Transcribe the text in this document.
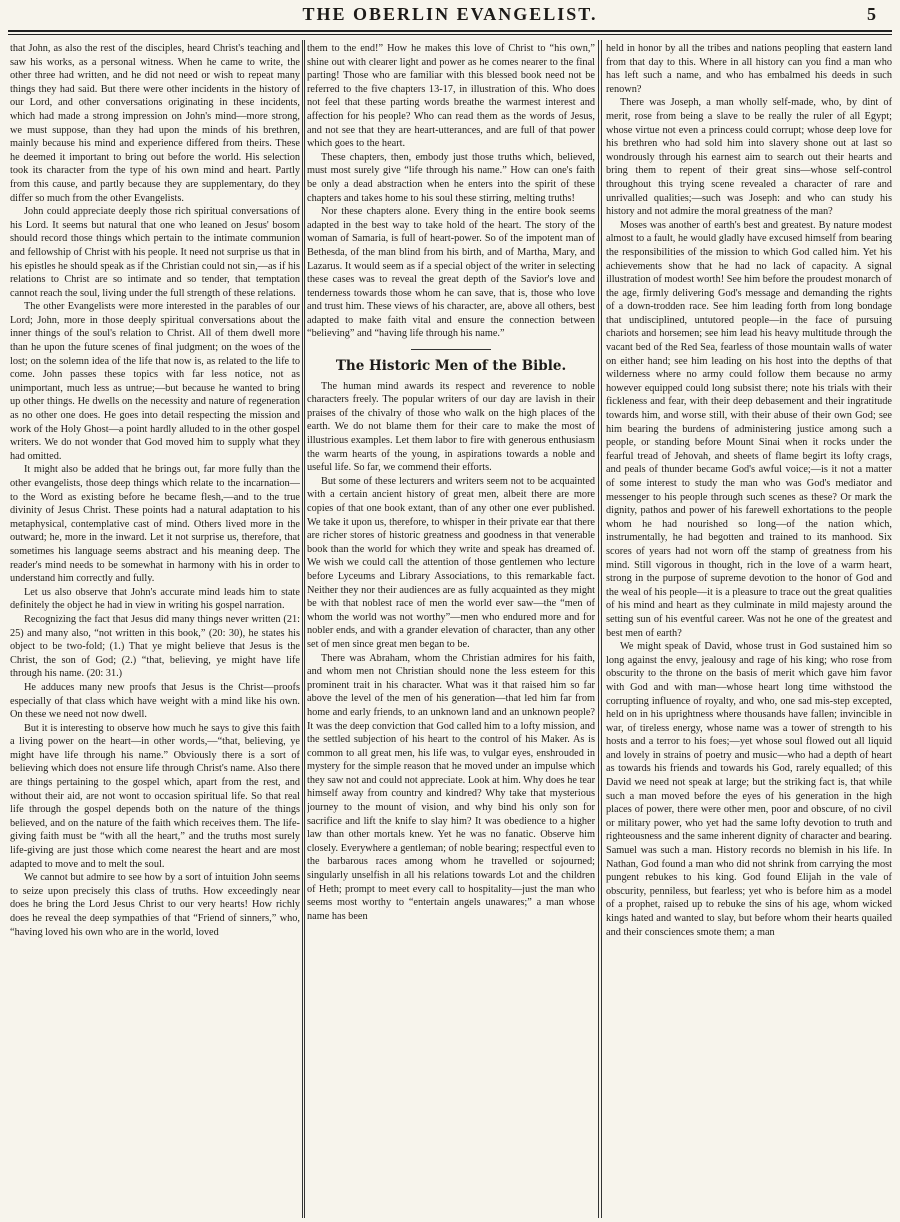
THE OBERLIN EVANGELIST.	5

that John, as also the rest of the disciples, heard Christ's teaching and saw his works, as a personal witness. When he came to write, the other three had written, and he did not need or wish to repeat many things they had said. But there were other incidents in the history of our Lord, and other conversations originating in these incidents, which had made a strong impression on John's mind—more strong, we must suppose, than they had upon the minds of his brethren, mainly because his mind and experience differed from theirs. These he deemed it important to bring out before the world. His selection took its character from the type of his own mind and heart. Partly from this cause, and partly because they are supplementary, do they differ so much from the other Evangelists.

John could appreciate deeply those rich spiritual conversations of his Lord. It seems but natural that one who leaned on Jesus' bosom should record those things which pertain to the intimate communion and fellowship of Christ with his people. It need not surprise us that in his epistles he should speak as if the Christian could not sin,—as if his relations to Christ are so intimate and so tender, that temptation cannot reach the soul, living under the full strength of these relations.

The other Evangelists were more interested in the parables of our Lord; John, more in those deeply spiritual conversations about the inner things of the soul's relation to Christ. All of them dwell more than he upon the future scenes of final judgment; on the woes of the lost; on the solemn idea of the life that now is, as related to the life to come. John passes these topics with far less notice, not as unimportant, much less as untrue;—but because he wanted to bring up other things. He dwells on the necessity and nature of regeneration as no other one does. He goes into detail respecting the mission and work of the Holy Ghost—a point hardly alluded to in the other gospel writers. We do not wonder that God moved him to supply what they had omitted.

It might also be added that he brings out, far more fully than the other evangelists, those deep things which relate to the incarnation—to the Word as existing before he became flesh,—and to the true divinity of Jesus Christ. These points had a natural adaptation to his metaphysical, contemplative cast of mind. Others lived more in the outward; he, more in the inward. Let it not surprise us, therefore, that sometimes his language seems abstract and his meaning deep. The reader's mind needs to be somewhat in harmony with his in order to understand him correctly and fully.

Let us also observe that John's accurate mind leads him to state definitely the object he had in view in writing his gospel narration.

Recognizing the fact that Jesus did many things never written (21: 25) and many also, “not written in this book,” (20: 30), he states his object to be two-fold; (1.) That ye might believe that Jesus is the Christ, the son of God; (2.) “that, believing, ye might have life through his name. (20: 31.)

He adduces many new proofs that Jesus is the Christ—proofs especially of that class which have weight with a mind like his own. On these we need not now dwell.

But it is interesting to observe how much he says to give this faith a living power on the heart—in other words,—“that, believing, ye might have life through his name.” Obviously there is a sort of believing which does not ensure life through Christ's name. Also there are things pertaining to the gospel which, apart from the rest, and without their aid, are not wont to occasion spiritual life. So that real life through the gospel depends both on the nature of the things believed, and on the nature of the faith which receives them. The life-giving faith must be “with all the heart,” and the truths most surely life-giving are just those which come nearest the heart and are most adapted to move and to melt the soul.

We cannot but admire to see how by a sort of intuition John seems to seize upon precisely this class of truths. How exceedingly near does he bring the Lord Jesus Christ to our very hearts! How richly does he reveal the deep sympathies of that “Friend of sinners,” who, “having loved his own who are in the world, loved

them to the end!” How he makes this love of Christ to “his own,” shine out with clearer light and power as he comes nearer to the final parting! Those who are familiar with this blessed book need not be referred to the five chapters 13-17, in illustration of this. Who does not feel that these parting words breathe the warmest interest and affection for his people? Who can read them as the words of Jesus, and not see that they are heart-utterances, and are full of that power which goes to the heart.

These chapters, then, embody just those truths which, believed, must most surely give “life through his name.” How can one's faith be only a dead abstraction when he enters into the spirit of these chapters and takes home to his soul these stirring, melting truths!

Nor these chapters alone. Every thing in the entire book seems adapted in the best way to take hold of the heart. The story of the woman of Samaria, is full of heart-power. So of the impotent man of Bethesda, of the man blind from his birth, and of Martha, Mary, and Lazarus. It would seem as if a special object of the writer in selecting these cases was to reveal the great depth of the Savior's love and tenderness towards those whom he can save, that is, those who love and trust him. These views of his character, are, above all others, best adapted to make faith vital and ensure the connection between “believing” and “having life through his name.”

The Historic Men of the Bible.

The human mind awards its respect and reverence to noble characters freely. The popular writers of our day are lavish in their praises of the chivalry of those who walk on the high places of the earth. We do not blame them for their care to make the most of illustrious examples. Let them labor to fire with generous enthusiasm the warm hearts of the young, in aspirations towards a noble and useful life. So far, we commend their efforts.

But some of these lecturers and writers seem not to be acquainted with a certain ancient history of great men, albeit there are more copies of that one book extant, than of any other one ever published. We take it upon us, therefore, to whisper in their private ear that there are richer stores of historic greatness and goodness in that venerable book than the world for which they write and speak has dreamed of. We wish we could call the attention of those gentlemen who lecture before Lyceums and Library Associations, to this remarkable fact. Neither they nor their audiences are as fully acquainted as they might be with that noblest race of men the world ever saw—the “men of whom the world was not worthy”—men who endured more and for nobler ends, and with a grander elevation of character, than any other set of men since great men began to be.

There was Abraham, whom the Christian admires for his faith, and whom men not Christian should none the less esteem for this prominent trait in his character. What was it that raised him so far above the level of the men of his generation—that led him far from home and early friends, to an unknown land and an unknown people? It was the deep conviction that God called him to a lofty mission, and the settled subjection of his heart to the control of his Maker. As is common to all great men, his life was, to vulgar eyes, enshrouded in mystery for the simple reason that he moved under an impulse which they saw not and could not appreciate. Look at him. Why does he tear himself away from country and kindred? Why take that mysterious journey to the mount of vision, and why bind his only son for sacrifice and lift the knife to slay him? It was obedience to a higher law than other mortals knew. Yet he was no fanatic. Observe him closely. Everywhere a gentleman; of noble bearing; respectful even to the barbarous races among whom he travelled or sojourned; singularly unselfish in all his relations towards Lot and the children of Heth; prompt to meet every call to hospitality—just the man who seems most worthy to “entertain angels unawares;” a man whose name has been

held in honor by all the tribes and nations peopling that eastern land from that day to this. Where in all history can you find a man who has left such a name, and who has embalmed his deeds in such renown?

There was Joseph, a man wholly self-made, who, by dint of merit, rose from being a slave to be really the ruler of all Egypt; whose virtue not even a princess could corrupt; whose deep love for his brethren who had sold him into slavery shone out at last so wondrously through his earnest aim to search out their hearts and bring them to repent of their great sins—whose self-control throughout this trying scene revealed a character of rare and unrivalled qualities;—such was Joseph: and who can study his history and not admire the moral greatness of the man?

Moses was another of earth's best and greatest. By nature modest almost to a fault, he would gladly have excused himself from bearing the responsibilities of the mission to which God called him. Yet his achievements show that he had no lack of capacity. A signal illustration of modest worth! See him before the proudest monarch of the age, firmly delivering God's message and demanding the rights of a down-trodden race. See him leading forth from long bondage that undisciplined, untutored people—in the face of pursuing chariots and horsemen; see him lead his heavy multitude through the vacant bed of the Red Sea, fearless of those mountain walls of water on either hand; see him leading on his host into the depths of that wilderness where no army could follow them because no army however equipped could long subsist there; note his trials with their fickleness and fear, with their deep debasement and their ingratitude towards him, and worse still, with their abuse of their own God; see him bearing the burdens of administering justice among such a people, or standing before Mount Sinai when it rocks under the fearful tread of Jehovah, and sheets of flame begirt its lofty crags, and peals of thunder became God's awful voice;—is it not a matter of some interest to study the man who was God's mediator and messenger to his people through such scenes as these? Or mark the dignity, pathos and power of his farewell exhortations to the people whom he had nourished so long—of the nation which, instrumentally, he had begotten and trained to its manhood. Six scores of years had not worn off the stamp of greatness from his mind. Still vigorous in thought, rich in the love of a warm heart, strong in the purpose of supreme devotion to the honor of God and the weal of his people—it is a pleasure to trace out the great qualities of his mind and heart as they culminate in mild majesty around the setting sun of his eventful career. Was not he one of the greatest and best men of earth?

We might speak of David, whose trust in God sustained him so long against the envy, jealousy and rage of his king; who rose from obscurity to the throne on the basis of merit which gave him favor with God and with man—whose heart long time withstood the corrupting influence of royalty, and who, one sad mis-step excepted, held on in his uprightness where thousands have fallen; invincible in war, of tireless energy, whose name was a tower of strength to his hosts and a terror to his foes;—yet whose soul flowed out all liquid and lovely in strains of poetry and music—who had a depth of heart as towards his friends and towards his God, rarely equalled; of this David we need not speak at large; but the striking fact is, that while such a man moved before the eyes of his generation in the high places of power, there were other men, poor and obscure, of no civil or military power, who yet had the same lofty devotion to truth and righteousness and the same inherent dignity of character and bearing. Samuel was such a man. History records no blemish in his life. In Nathan, God found a man who did not shrink from carrying the most pungent rebukes to his king. God found Elijah in the vale of obscurity, penniless, but fearless; yet who is before him as a model of a prophet, raised up to rebuke the sins of his age, whom wicked kings hated and wanted to slay, but before whom their hearts quailed and their consciences smote them; a man
